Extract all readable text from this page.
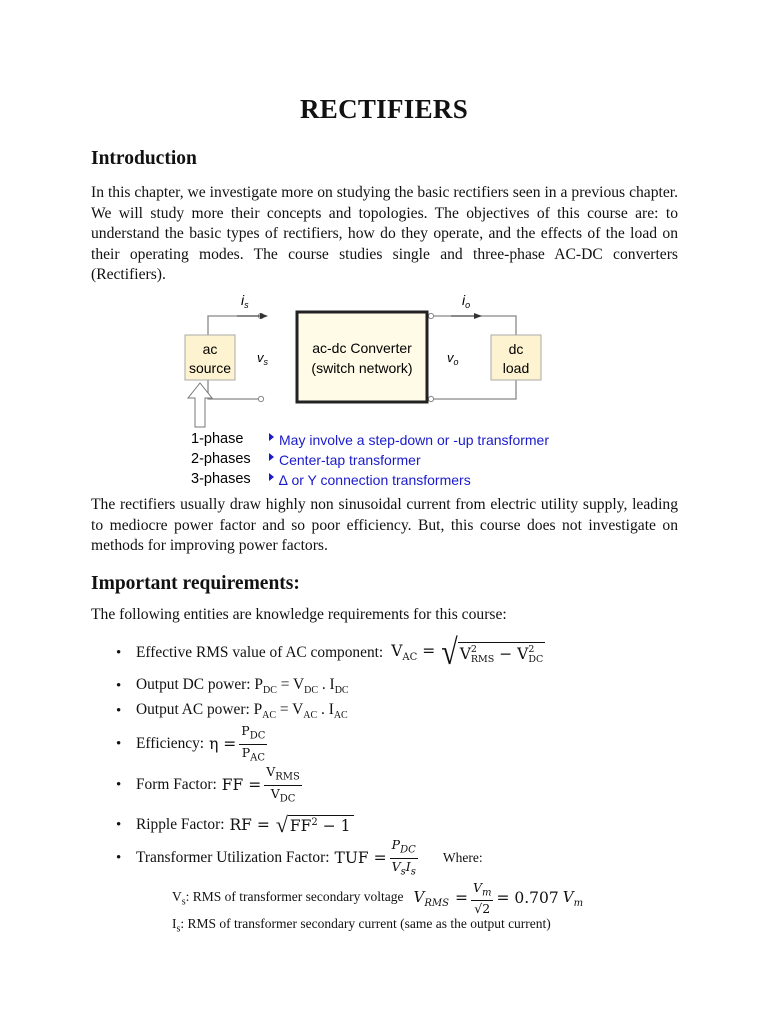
RECTIFIERS
Introduction

In this chapter, we investigate more on studying the basic rectifiers seen in a previous chapter. We will study more their concepts and topologies. The objectives of this course are: to understand the basic types of rectifiers, how do they operate, and the effects of the load on their operating modes. The course studies single and three-phase AC-DC converters (Rectifiers).

$i_s$	$i_o$
ac
source
$v_s$
ac-dc Converter
(switch network)
$v_o$
dc
load
1-phase
2-phases
3-phases
May involve a step-down or -up transformer
Center-tap transformer
∆ or Y connection transformers

The rectifiers usually draw highly non sinusoidal current from electric utility supply, leading to mediocre power factor and so poor efficiency. But, this course does not investigate on methods for improving power factors.

Important requirements:

The following entities are knowledge requirements for this course:

• Effective RMS value of AC component: $V_{AC}$ = √ V 2
RMS − V 2
DC
• Output DC power: $P_{DC} = V_{DC}$ . $I_{DC}$
• Output AC power: $P_{AC} = V_{AC}$ . $I_{AC}$
• Efficiency: $\eta = \frac{P_{DC}}{P_{AC}}$
• Form Factor: FF = $\frac{V_{RMS}}{V_{DC}}$
• Ripple Factor: RF = √ $FF^2 - 1$
• Transformer Utilization Factor: TUF = $\frac{P_{DC}}{V_sI_s}$ Where:
$V_s$: RMS of transformer secondary voltage $V_{RMS} = \frac{V_m}{√2} = 0.707$ $V_m$
$I_s$: RMS of transformer secondary current (same as the output current)
